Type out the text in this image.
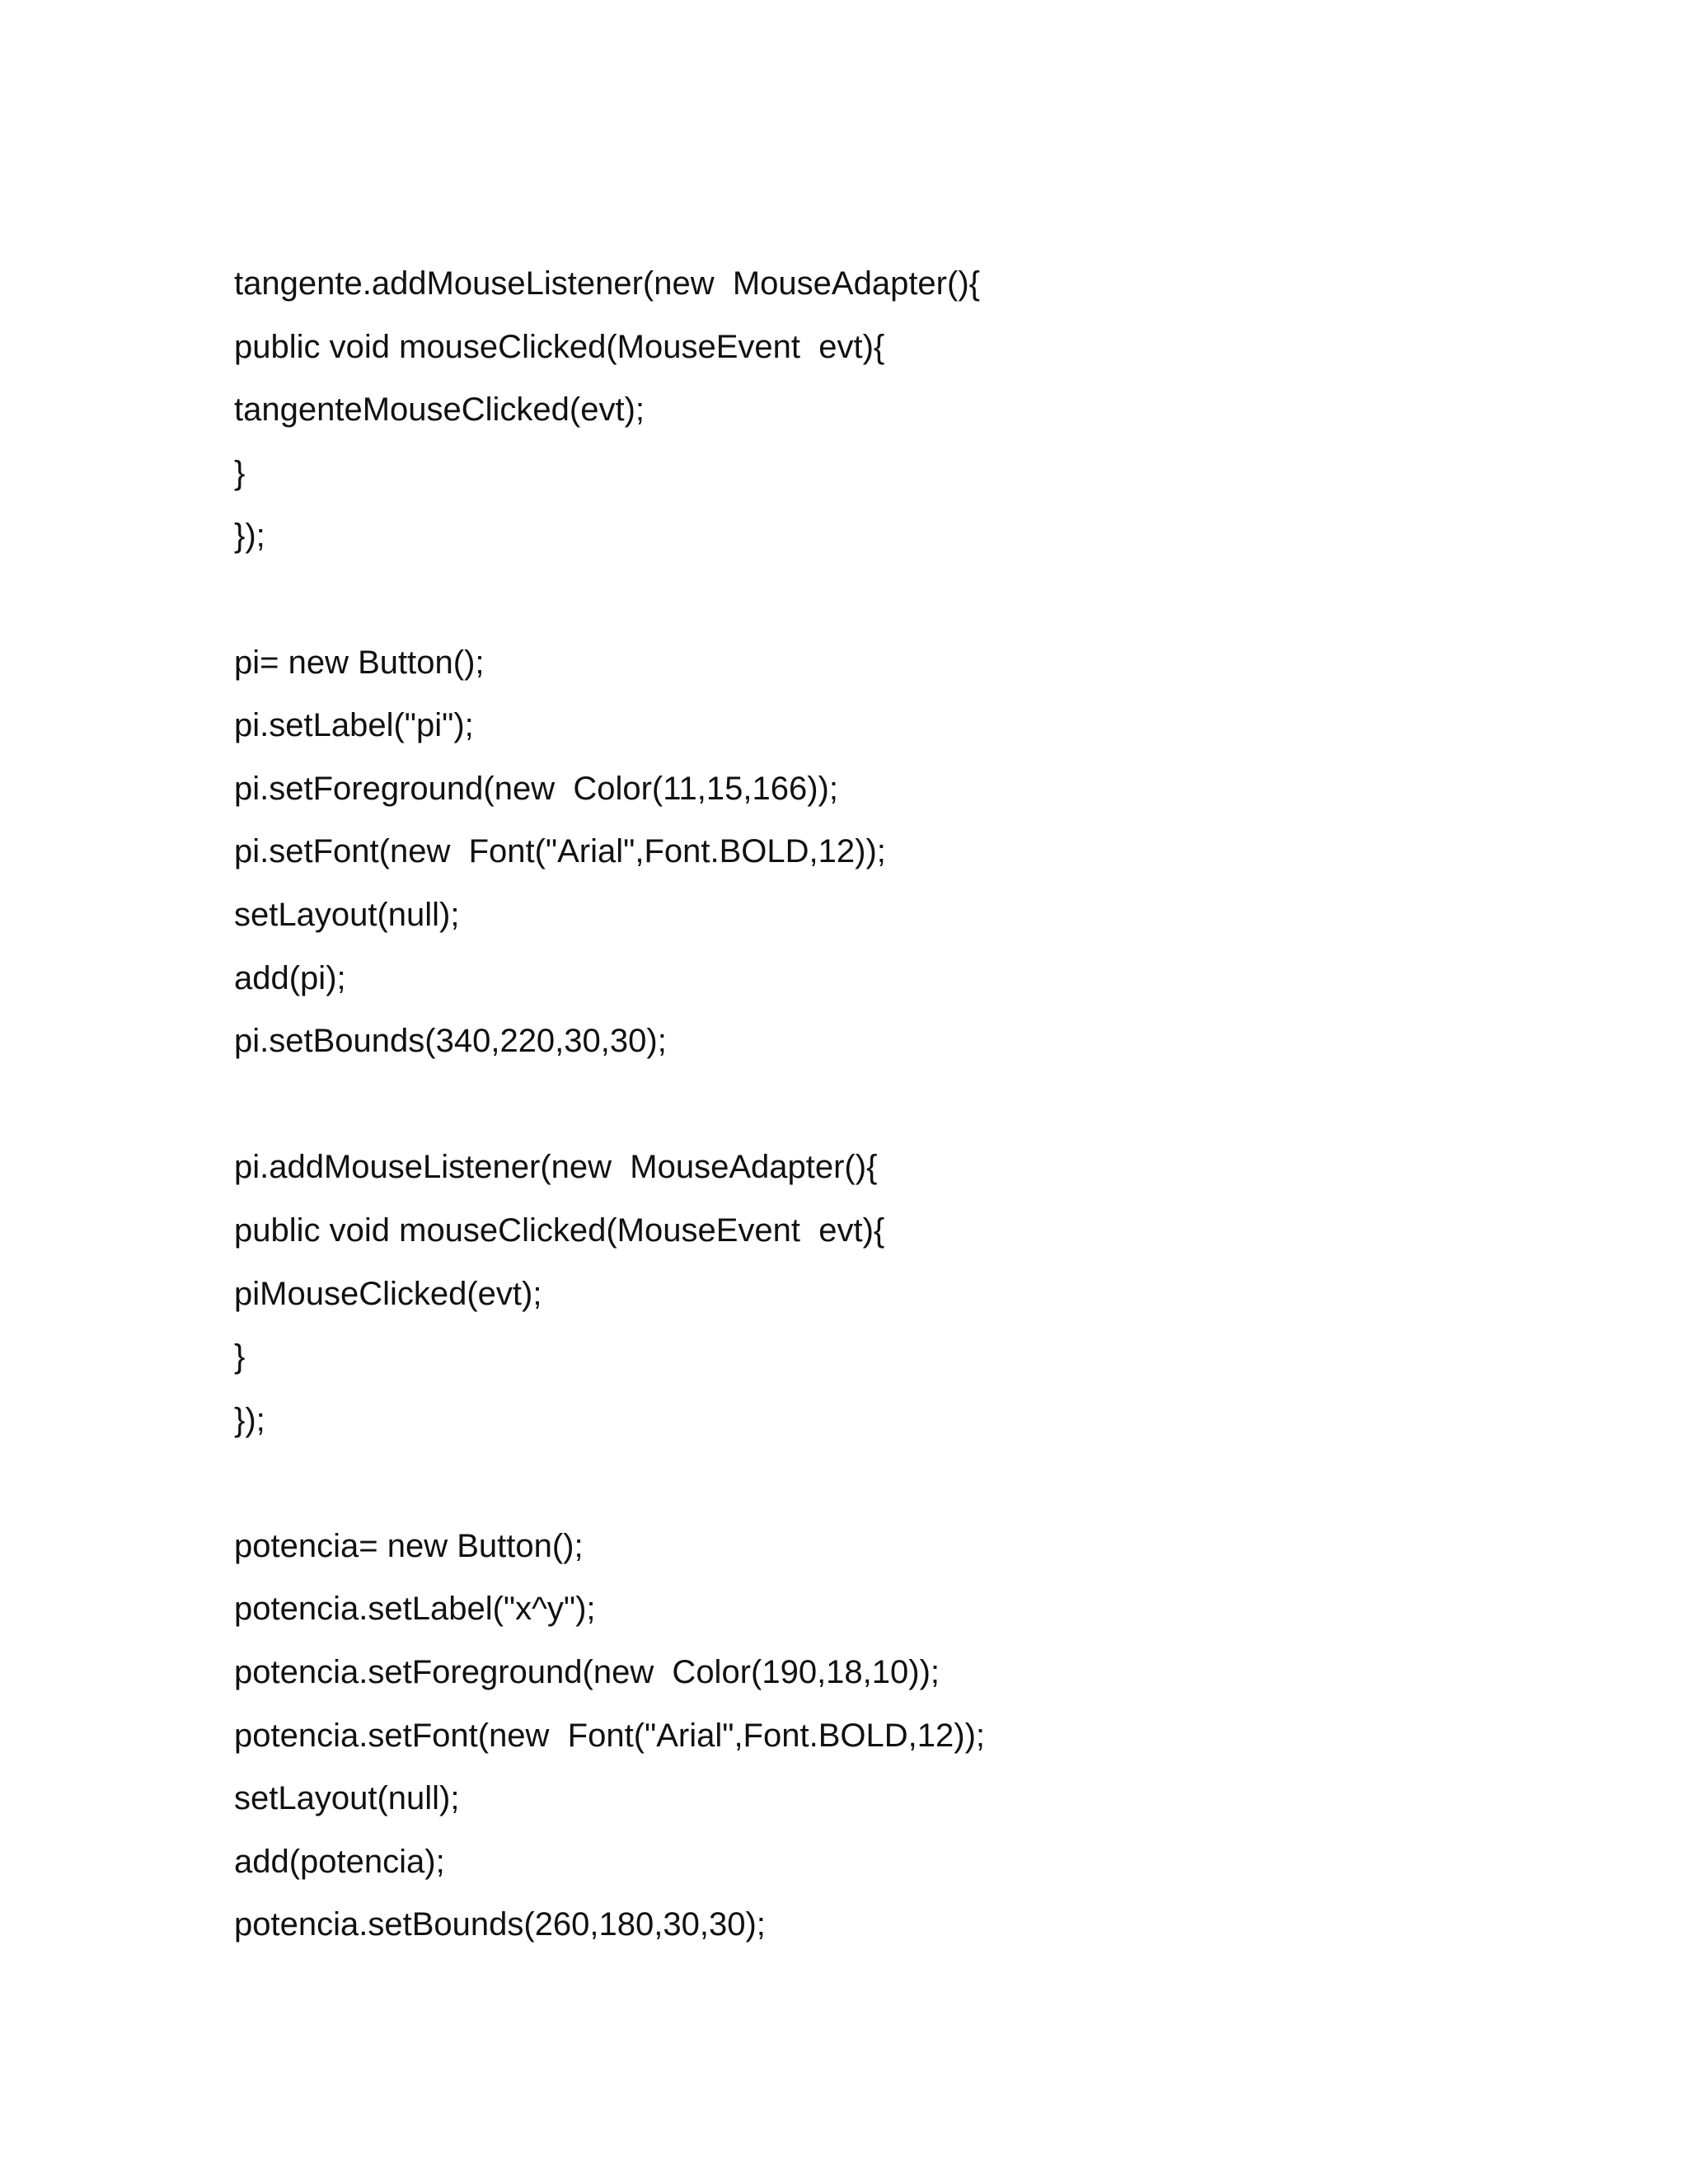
tangente.addMouseListener(new  MouseAdapter(){

public void mouseClicked(MouseEvent  evt){

tangenteMouseClicked(evt);

}

});

pi= new Button();

pi.setLabel("pi");

pi.setForeground(new  Color(11,15,166));

pi.setFont(new  Font("Arial",Font.BOLD,12));

setLayout(null);

add(pi);

pi.setBounds(340,220,30,30);

pi.addMouseListener(new  MouseAdapter(){

public void mouseClicked(MouseEvent  evt){

piMouseClicked(evt);

}

});

potencia= new Button();

potencia.setLabel("x^y");

potencia.setForeground(new  Color(190,18,10));

potencia.setFont(new  Font("Arial",Font.BOLD,12));

setLayout(null);

add(potencia);

potencia.setBounds(260,180,30,30);
